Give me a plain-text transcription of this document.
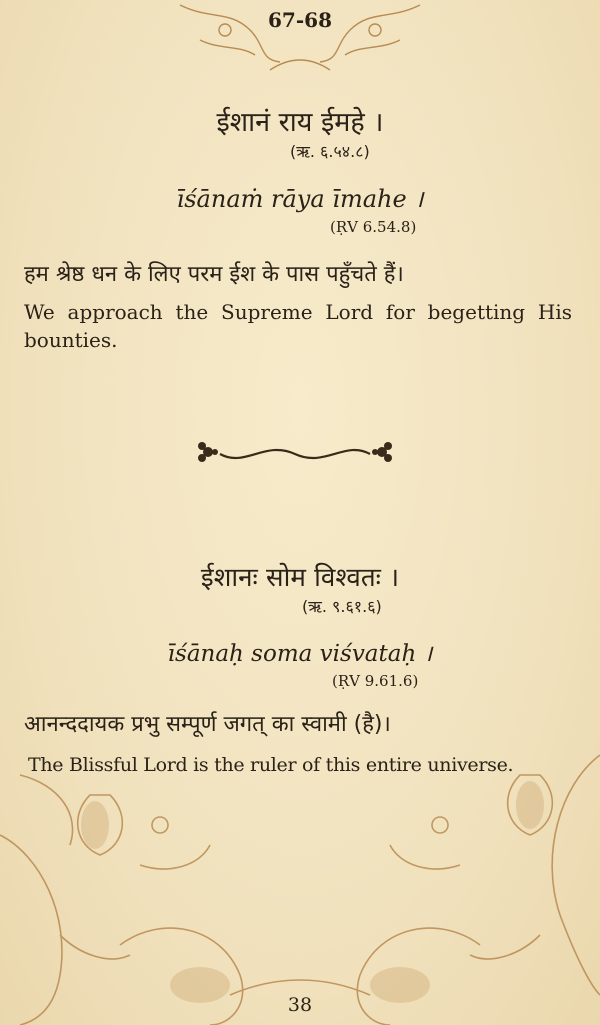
67-68
ईशानं राय ईमहे ।
(ऋ. ६.५४.८)
īśānaṁ rāya īmahe ।
(ṚV 6.54.8)
हम श्रेष्ठ धन के लिए परम ईश के पास पहुँचते हैं।
We approach the Supreme Lord for begetting His bounties.
ईशानः सोम विश्वतः ।
(ऋ. ९.६१.६)
īśānaḥ soma viśvataḥ ।
(ṚV 9.61.6)
आनन्ददायक प्रभु सम्पूर्ण जगत् का स्वामी (है)।
The Blissful Lord is the ruler of this entire universe.
38
